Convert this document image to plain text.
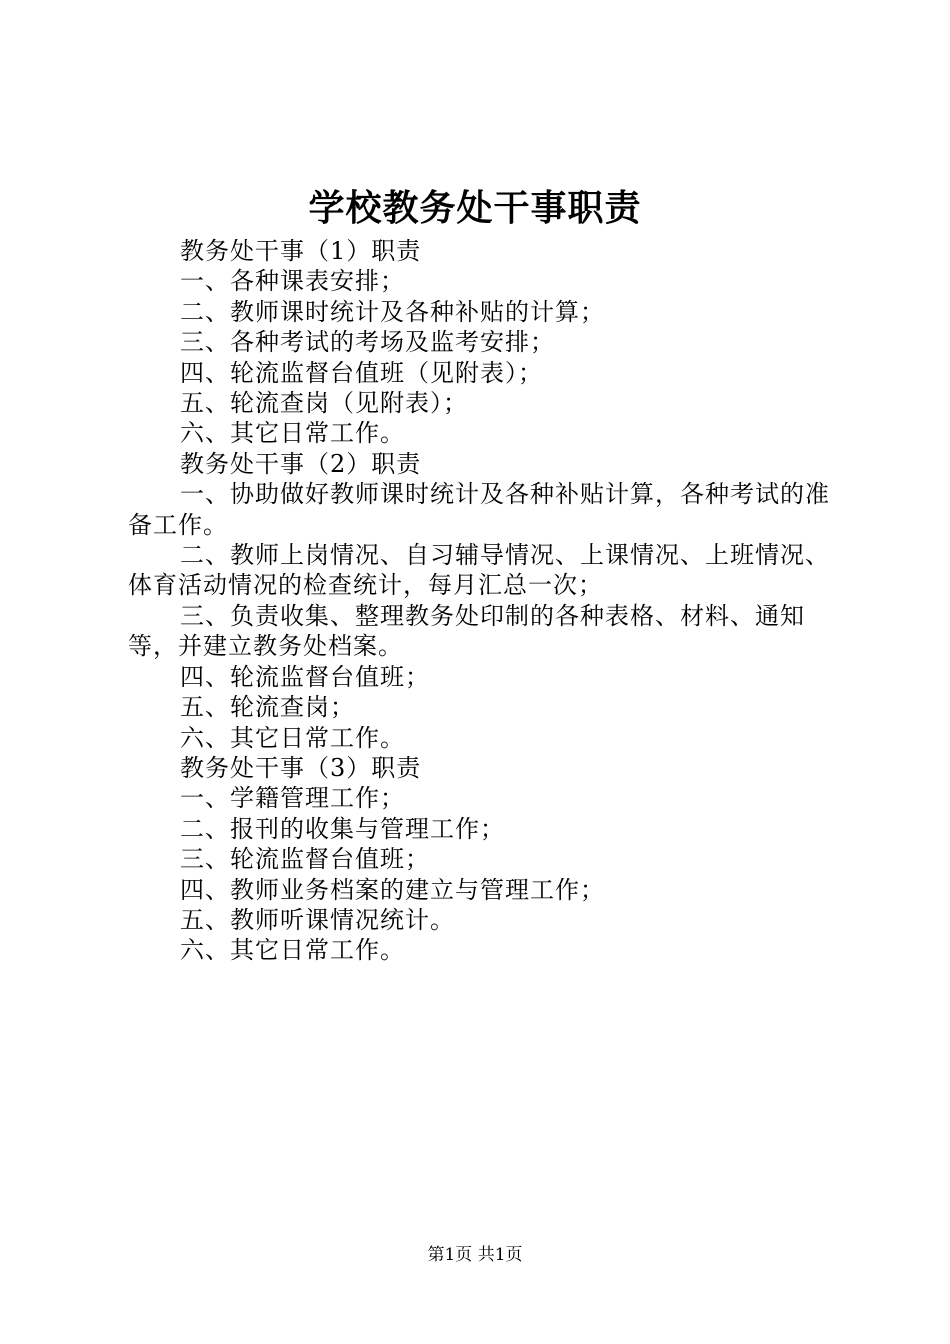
学校教务处干事职责

教务处干事（1）职责

一、各种课表安排；

二、教师课时统计及各种补贴的计算；

三、各种考试的考场及监考安排；

四、轮流监督台值班（见附表）；

五、轮流查岗（见附表）；

六、其它日常工作。

教务处干事（2）职责

一、协助做好教师课时统计及各种补贴计算，各种考试的准备工作。

二、教师上岗情况、自习辅导情况、上课情况、上班情况、体育活动情况的检查统计，每月汇总一次；

三、负责收集、整理教务处印制的各种表格、材料、通知等，并建立教务处档案。

四、轮流监督台值班；

五、轮流查岗；

六、其它日常工作。

教务处干事（3）职责

一、学籍管理工作；

二、报刊的收集与管理工作；

三、轮流监督台值班；

四、教师业务档案的建立与管理工作；

五、教师听课情况统计。

六、其它日常工作。

第1页 共1页
